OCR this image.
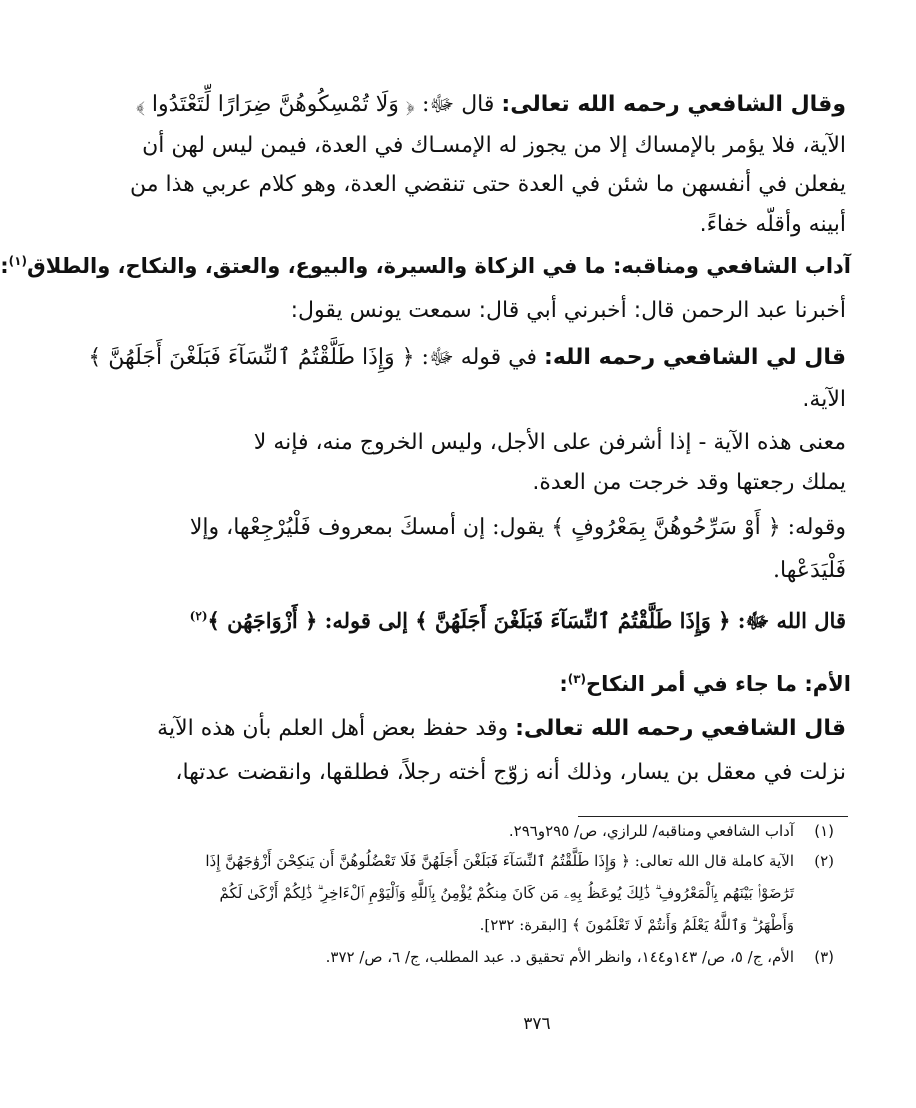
وقال الشافعي رحمه الله تعالى: قال ﷻ: ﴿ وَلَا تُمْسِكُوهُنَّ ضِرَارًا لِّتَعْتَدُوا ﴾

الآية، فلا يؤمر بالإمساك إلا من يجوز له الإمسـاك في العدة، فيمن ليس لهن أن

يفعلن في أنفسهن ما شئن في العدة حتى تنقضي العدة، وهو كلام عربي هذا من

أبينه وأقلّه خفاءً.

آداب الشافعي ومناقبه: ما في الزكاة والسيرة، والبيوع، والعتق، والنكاح، والطلاق$^{(١)}$:

أخبرنا عبد الرحمن قال: أخبرني أبي قال: سمعت يونس يقول:

قال لي الشافعي رحمه الله: في قوله ﷻ: ﴿ وَإِذَا طَلَّقْتُمُ ٱلنِّسَآءَ فَبَلَغْنَ أَجَلَهُنَّ ﴾

الآية.

معنى هذه الآية - إذا أشرفن على الأجل، وليس الخروج منه، فإنه لا

يملك رجعتها وقد خرجت من العدة.

وقوله: ﴿ أَوْ سَرِّحُوهُنَّ بِمَعْرُوفٍ ﴾ يقول: إن أمسكَ بمعروف فَلْيُرْجِعْها، وإلا

فَلْيَدَعْها.

قال الله ﷻ: ﴿ وَإِذَا طَلَّقْتُمُ ٱلنِّسَآءَ فَبَلَغْنَ أَجَلَهُنَّ ﴾ إلى قوله: ﴿ أَزْوَاجَهُن ﴾$^{(٢)}$

الأم: ما جاء في أمر النكاح$^{(٣)}$:

قال الشافعي رحمه الله تعالى: وقد حفظ بعض أهل العلم بأن هذه الآية

نزلت في معقل بن يسار، وذلك أنه زوّج أخته رجلاً، فطلقها، وانقضت عدتها،

(١)
آداب الشافعي ومناقبه/ للرازي، ص/ ٢٩٥و٢٩٦.

(٢)
الآية كاملة قال الله تعالى: ﴿ وَإِذَا طَلَّقْتُمُ ٱلنِّسَآءَ فَبَلَغْنَ أَجَلَهُنَّ فَلَا تَعْضُلُوهُنَّ أَن يَنكِحْنَ أَزْوَٰجَهُنَّ إِذَا

تَرَٰضَوْا۟ بَيْنَهُم بِٱلْمَعْرُوفِ ۗ ذَٰلِكَ يُوعَظُ بِهِۦ مَن كَانَ مِنكُمْ يُؤْمِنُ بِٱللَّهِ وَٱلْيَوْمِ ٱلْءَاخِرِ ۗ ذَٰلِكُمْ أَزْكَىٰ لَكُمْ

وَأَطْهَرُ ۗ وَٱللَّهُ يَعْلَمُ وَأَنتُمْ لَا تَعْلَمُونَ ﴾ [البقرة: ٢٣٢].

(٣)
الأم، ج/ ٥، ص/ ١٤٣و١٤٤، وانظر الأم تحقيق د. عبد المطلب، ج/ ٦، ص/ ٣٧٢.

٣٧٦
